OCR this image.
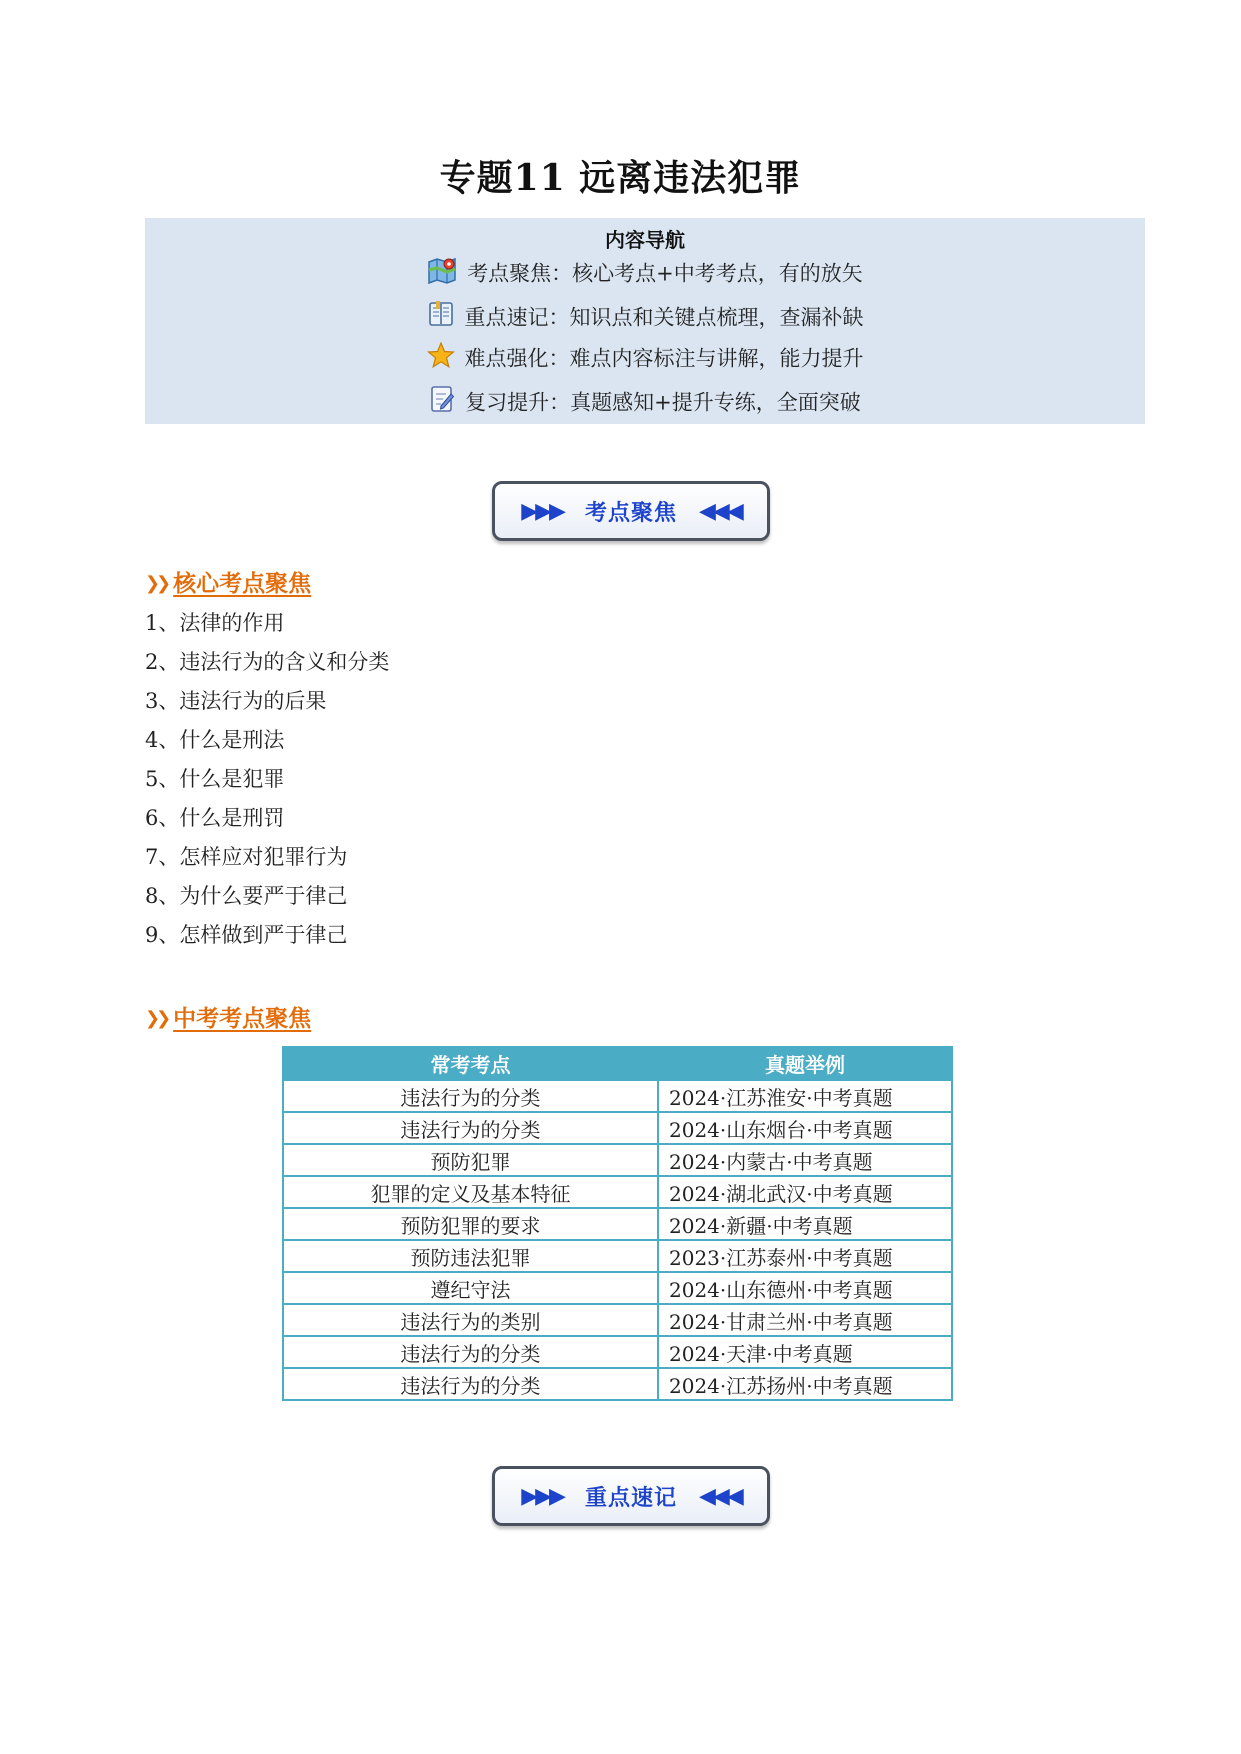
专题11 远离违法犯罪
内容导航
考点聚焦：核心考点+中考考点，有的放矢
重点速记：知识点和关键点梳理，查漏补缺
难点强化：难点内容标注与讲解，能力提升
复习提升：真题感知+提升专练，全面突破
▶▶▶ 考点聚焦 ◀◀◀
❯❯ 核心考点聚焦
1、法律的作用
2、违法行为的含义和分类
3、违法行为的后果
4、什么是刑法
5、什么是犯罪
6、什么是刑罚
7、怎样应对犯罪行为
8、为什么要严于律己
9、怎样做到严于律己
❯❯ 中考考点聚焦
常考考点	真题举例
违法行为的分类	2024·江苏淮安·中考真题
违法行为的分类	2024·山东烟台·中考真题
预防犯罪	2024·内蒙古·中考真题
犯罪的定义及基本特征	2024·湖北武汉·中考真题
预防犯罪的要求	2024·新疆·中考真题
预防违法犯罪	2023·江苏泰州·中考真题
遵纪守法	2024·山东德州·中考真题
违法行为的类别	2024·甘肃兰州·中考真题
违法行为的分类	2024·天津·中考真题
违法行为的分类	2024·江苏扬州·中考真题
▶▶▶ 重点速记 ◀◀◀
